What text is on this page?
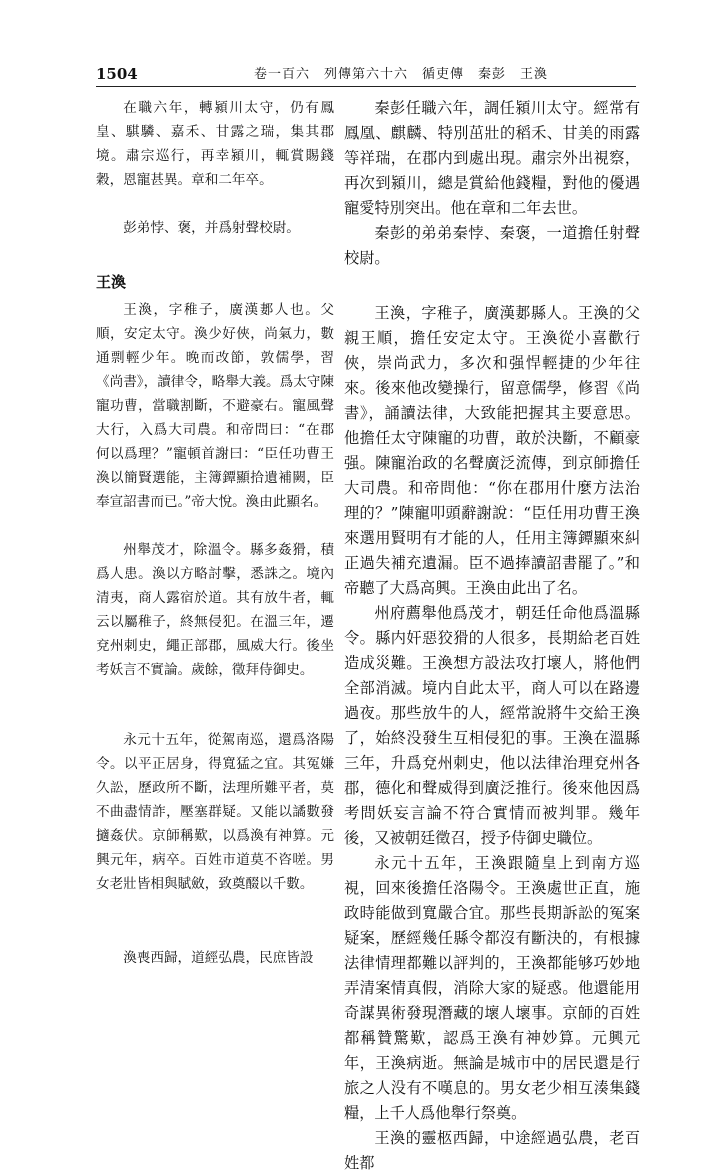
1504	卷一百六　列傳第六十六　循吏傳　秦彭　王渙

在職六年，轉潁川太守，仍有鳳皇、騏驎、嘉禾、甘露之瑞，集其郡境。肅宗巡行，再幸潁川，輒賞賜錢穀，恩寵甚異。章和二年卒。

彭弟悖、褒，并爲射聲校尉。

王渙

王渙，字稚子，廣漢郪人也。父順，安定太守。渙少好俠，尚氣力，數通剽輕少年。晚而改節，敦儒學，習《尚書》，讀律令，略舉大義。爲太守陳寵功曹，當職割斷，不避豪右。寵風聲大行，入爲大司農。和帝問曰：“在郡何以爲理？”寵頓首謝曰：“臣任功曹王渙以簡賢選能，主簿鐔顯拾遺補闕，臣奉宣詔書而已。”帝大悅。渙由此顯名。

州舉茂才，除溫令。縣多姦猾，積爲人患。渙以方略討擊，悉誅之。境內清夷，商人露宿於道。其有放牛者，輒云以屬稚子，終無侵犯。在溫三年，遷兗州刺史，繩正部郡，風威大行。後坐考妖言不實論。歲餘，徵拜侍御史。

永元十五年，從駕南巡，還爲洛陽令。以平正居身，得寬猛之宜。其冤嫌久訟，歷政所不斷，法理所難平者，莫不曲盡情詐，壓塞群疑。又能以譎數發擿姦伏。京師稱歎，以爲渙有神算。元興元年，病卒。百姓市道莫不咨嗟。男女老壯皆相與賦斂，致奠醊以千數。

渙喪西歸，道經弘農，民庶皆設

秦彭任職六年，調任潁川太守。經常有鳳凰、麒麟、特別茁壯的稻禾、甘美的雨露等祥瑞，在郡内到處出現。肅宗外出視察，再次到潁川，總是賞給他錢糧，對他的優遇寵愛特別突出。他在章和二年去世。

秦彭的弟弟秦悖、秦褒，一道擔任射聲校尉。

王渙，字稚子，廣漢郪縣人。王渙的父親王順，擔任安定太守。王渙從小喜歡行俠，崇尚武力，多次和强悍輕捷的少年往來。後來他改變操行，留意儒學，修習《尚書》，誦讀法律，大致能把握其主要意思。他擔任太守陳寵的功曹，敢於決斷，不顧豪强。陳寵治政的名聲廣泛流傳，到京師擔任大司農。和帝問他：“你在郡用什麼方法治理的？”陳寵叩頭辭謝說：“臣任用功曹王渙來選用賢明有才能的人，任用主簿鐔顯來糾正過失補充遺漏。臣不過捧讀詔書罷了。”和帝聽了大爲高興。王渙由此出了名。

州府薦舉他爲茂才，朝廷任命他爲溫縣令。縣内奸惡狡猾的人很多，長期給老百姓造成災難。王渙想方設法攻打壞人，將他們全部消滅。境内自此太平，商人可以在路邊過夜。那些放牛的人，經常說將牛交給王渙了，始終没發生互相侵犯的事。王渙在溫縣三年，升爲兗州刺史，他以法律治理兗州各郡，德化和聲威得到廣泛推行。後來他因爲考問妖妄言論不符合實情而被判罪。幾年後，又被朝廷徵召，授予侍御史職位。

永元十五年，王渙跟隨皇上到南方巡視，回來後擔任洛陽令。王渙處世正直，施政時能做到寬嚴合宜。那些長期訴訟的冤案疑案，歷經幾任縣令都沒有斷決的，有根據法律情理都難以評判的，王渙都能够巧妙地弄清案情真假，消除大家的疑惑。他還能用奇謀異術發現潛藏的壞人壞事。京師的百姓都稱贊驚歎，認爲王渙有神妙算。元興元年，王渙病逝。無論是城市中的居民還是行旅之人没有不嘆息的。男女老少相互湊集錢糧，上千人爲他舉行祭奠。

王渙的靈柩西歸，中途經過弘農，老百姓都
